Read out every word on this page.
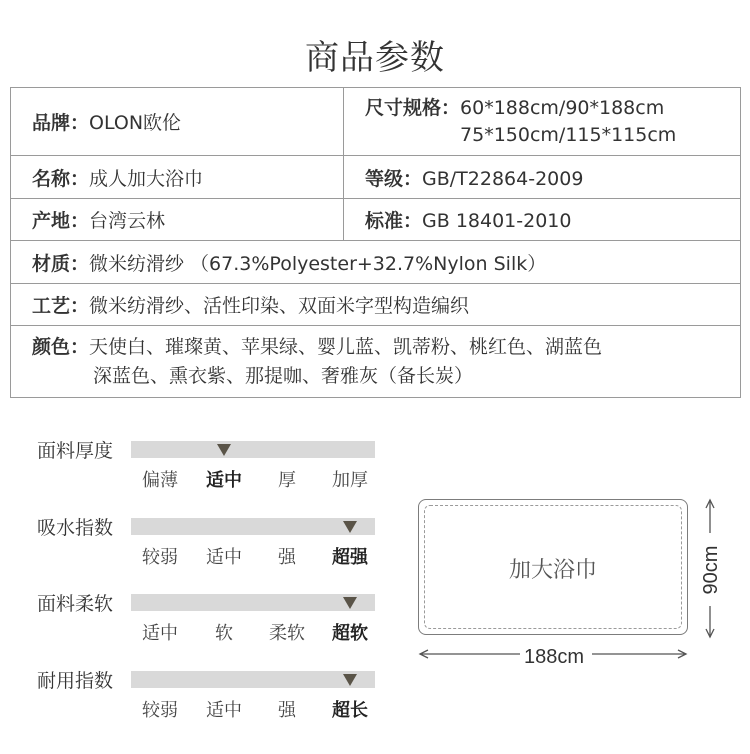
商品参数
品牌：OLON欧伦	尺寸规格：60*188cm/90*188cm
75*150cm/115*115cm
名称：成人加大浴巾	等级：GB/T22864-2009
产地：台湾云林	标准：GB 18401-2010
材质：微米纺滑纱 （67.3%Polyester+32.7%Nylon Silk）	
工艺：微米纺滑纱、活性印染、双面米字型构造编织	
颜色：天使白、璀璨黄、苹果绿、婴儿蓝、凯蒂粉、桃红色、湖蓝色
深蓝色、熏衣紫、那提咖、奢雅灰（备长炭）	
面料厚度
偏薄	适中	厚	加厚
吸水指数
较弱	适中	强	超强
面料柔软
适中	软	柔软	超软
耐用指数
较弱	适中	强	超长
加大浴巾
188cm
90cm
